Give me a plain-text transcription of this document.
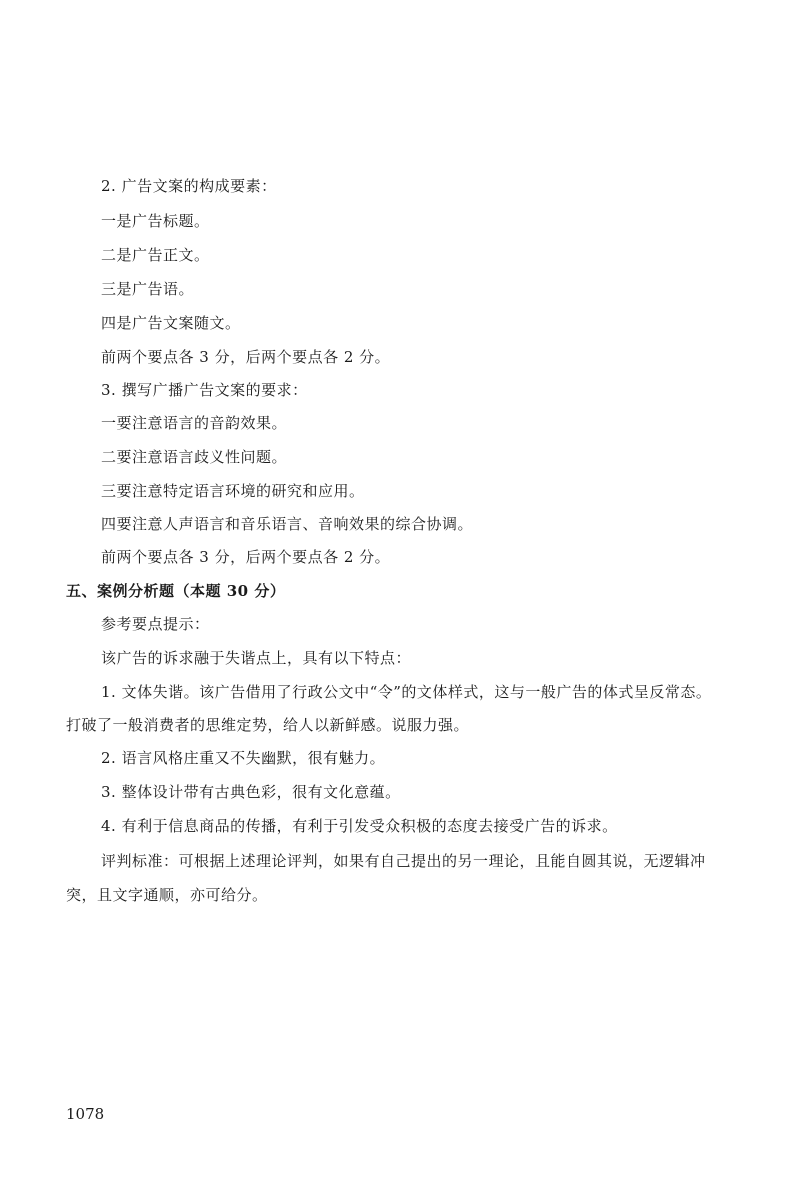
2. 广告文案的构成要素：
一是广告标题。
二是广告正文。
三是广告语。
四是广告文案随文。
前两个要点各 3 分，后两个要点各 2 分。
3. 撰写广播广告文案的要求：
一要注意语言的音韵效果。
二要注意语言歧义性问题。
三要注意特定语言环境的研究和应用。
四要注意人声语言和音乐语言、音响效果的综合协调。
前两个要点各 3 分，后两个要点各 2 分。
五、案例分析题（本题 30 分）
参考要点提示：
该广告的诉求融于失谐点上，具有以下特点：
1. 文体失谐。该广告借用了行政公文中“令”的文体样式，这与一般广告的体式呈反常态。
打破了一般消费者的思维定势，给人以新鲜感。说服力强。
2. 语言风格庄重又不失幽默，很有魅力。
3. 整体设计带有古典色彩，很有文化意蕴。
4. 有利于信息商品的传播，有利于引发受众积极的态度去接受广告的诉求。
评判标准：可根据上述理论评判，如果有自己提出的另一理论，且能自圆其说，无逻辑冲
突，且文字通顺，亦可给分。
1078
